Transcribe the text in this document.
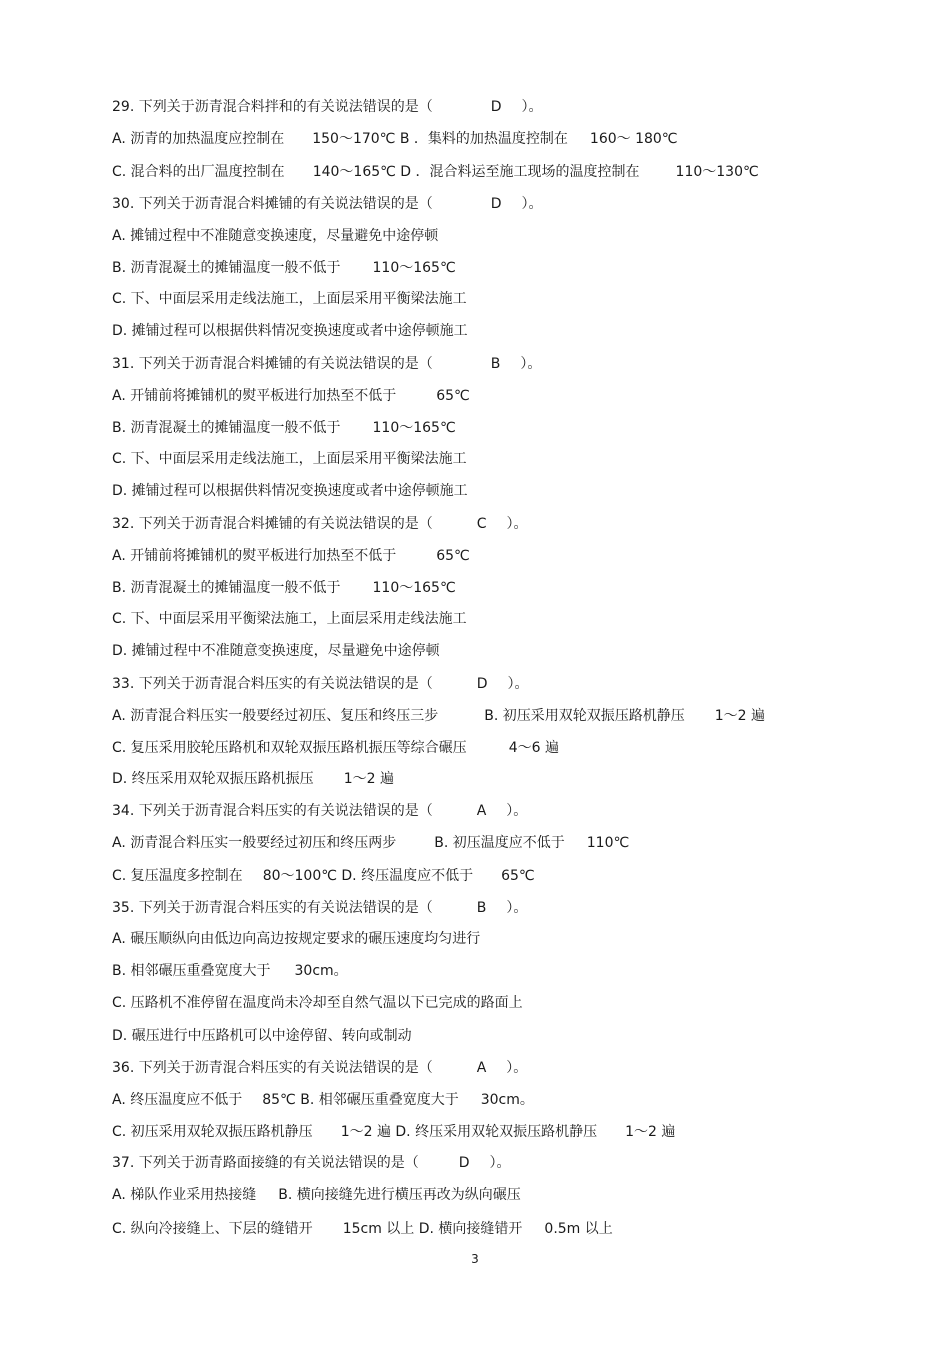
29. 下列关于沥青混合料拌和的有关说法错误的是（	D ）。
A. 沥青的加热温度应控制在 150～170℃ B ．集料的加热温度控制在 160～ 180℃
C. 混合料的出厂温度控制在 140～165℃ D ．混合料运至施工现场的温度控制在	110～130℃
30. 下列关于沥青混合料摊铺的有关说法错误的是（	D ）。
A. 摊铺过程中不准随意变换速度，尽量避免中途停顿
B. 沥青混凝土的摊铺温度一般不低于 110～165℃
C. 下、中面层采用走线法施工，上面层采用平衡梁法施工
D. 摊铺过程可以根据供料情况变换速度或者中途停顿施工
31. 下列关于沥青混合料摊铺的有关说法错误的是（	B ）。
A. 开铺前将摊铺机的熨平板进行加热至不低于	65℃
B. 沥青混凝土的摊铺温度一般不低于 110～165℃
C. 下、中面层采用走线法施工，上面层采用平衡梁法施工
D. 摊铺过程可以根据供料情况变换速度或者中途停顿施工
32. 下列关于沥青混合料摊铺的有关说法错误的是（	C ）。
A. 开铺前将摊铺机的熨平板进行加热至不低于	65℃
B. 沥青混凝土的摊铺温度一般不低于 110～165℃
C. 下、中面层采用平衡梁法施工，上面层采用走线法施工
D. 摊铺过程中不准随意变换速度，尽量避免中途停顿
33. 下列关于沥青混合料压实的有关说法错误的是（	D ）。
A. 沥青混合料压实一般要经过初压、复压和终压三步	B. 初压采用双轮双振压路机静压 1～2 遍
C. 复压采用胶轮压路机和双轮双振压路机振压等综合碾压	4～6 遍
D. 终压采用双轮双振压路机振压 1～2 遍
34. 下列关于沥青混合料压实的有关说法错误的是（	A ）。
A. 沥青混合料压实一般要经过初压和终压两步	B. 初压温度应不低于 110℃
C. 复压温度多控制在 80～100℃ D. 终压温度应不低于 65℃
35. 下列关于沥青混合料压实的有关说法错误的是（	B ）。
A. 碾压顺纵向由低边向高边按规定要求的碾压速度均匀进行
B. 相邻碾压重叠宽度大于 30cm。
C. 压路机不准停留在温度尚未冷却至自然气温以下已完成的路面上
D. 碾压进行中压路机可以中途停留、转向或制动
36. 下列关于沥青混合料压实的有关说法错误的是（	A ）。
A. 终压温度应不低于 85℃ B. 相邻碾压重叠宽度大于 30cm。
C. 初压采用双轮双振压路机静压 1～2 遍 D. 终压采用双轮双振压路机静压 1～2 遍
37. 下列关于沥青路面接缝的有关说法错误的是（	D ）。
A. 梯队作业采用热接缝 B. 横向接缝先进行横压再改为纵向碾压
C. 纵向冷接缝上、下层的缝错开 15cm 以上 D. 横向接缝错开 0.5m 以上
3
